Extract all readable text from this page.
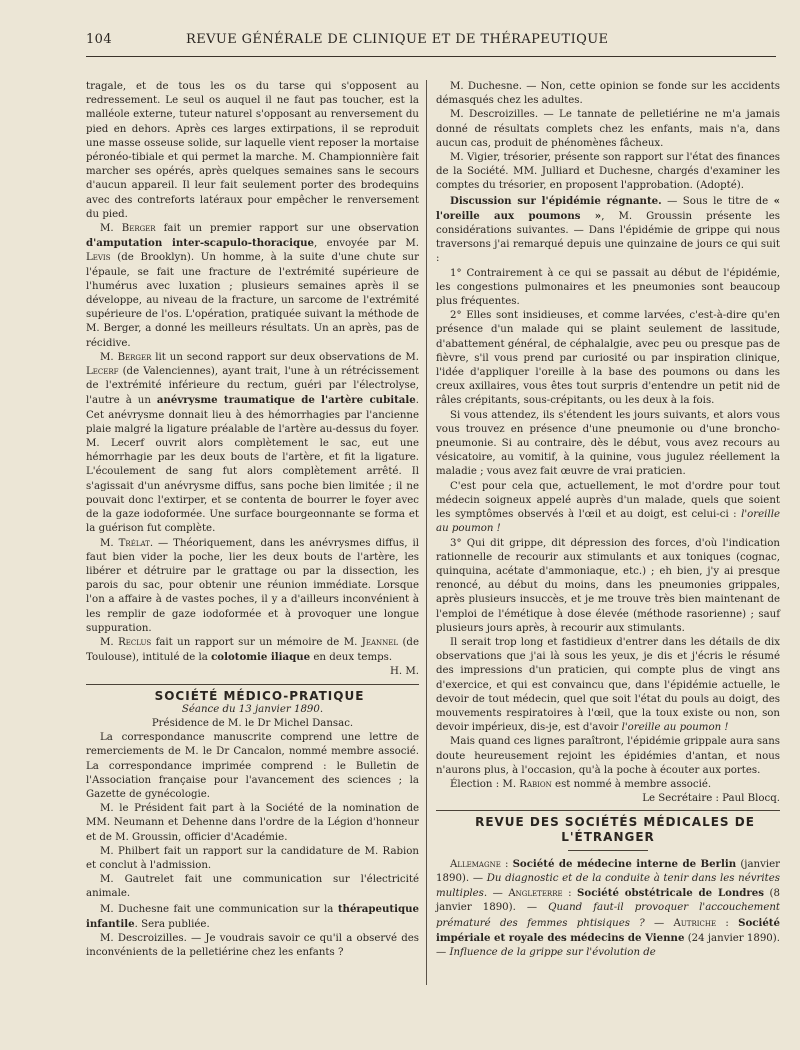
104	REVUE GÉNÉRALE DE CLINIQUE ET DE THÉRAPEUTIQUE

tragale, et de tous les os du tarse qui s'opposent au redressement. Le seul os auquel il ne faut pas toucher, est la malléole externe, tuteur naturel s'opposant au renversement du pied en dehors. Après ces larges extirpations, il se reproduit une masse osseuse solide, sur laquelle vient reposer la mortaise péronéo-tibiale et qui permet la marche. M. Championnière fait marcher ses opérés, après quelques semaines sans le secours d'aucun appareil. Il leur fait seulement porter des brodequins avec des contreforts latéraux pour empêcher le renversement du pied.

M. Berger fait un premier rapport sur une observation d'amputation inter-scapulo-thoracique, envoyée par M. Levis (de Brooklyn). Un homme, à la suite d'une chute sur l'épaule, se fait une fracture de l'extrémité supérieure de l'humérus avec luxation ; plusieurs semaines après il se développe, au niveau de la fracture, un sarcome de l'extrémité supérieure de l'os. L'opération, pratiquée suivant la méthode de M. Berger, a donné les meilleurs résultats. Un an après, pas de récidive.

M. Berger lit un second rapport sur deux observations de M. Lecerf (de Valenciennes), ayant trait, l'une à un rétrécissement de l'extrémité inférieure du rectum, guéri par l'électrolyse, l'autre à un anévrysme traumatique de l'artère cubitale. Cet anévrysme donnait lieu à des hémorrhagies par l'ancienne plaie malgré la ligature préalable de l'artère au-dessus du foyer. M. Lecerf ouvrit alors complètement le sac, eut une hémorrhagie par les deux bouts de l'artère, et fit la ligature. L'écoulement de sang fut alors complètement arrêté. Il s'agissait d'un anévrysme diffus, sans poche bien limitée ; il ne pouvait donc l'extirper, et se contenta de bourrer le foyer avec de la gaze iodoformée. Une surface bourgeonnante se forma et la guérison fut complète.

M. Trélat. — Théoriquement, dans les anévrysmes diffus, il faut bien vider la poche, lier les deux bouts de l'artère, les libérer et détruire par le grattage ou par la dissection, les parois du sac, pour obtenir une réunion immédiate. Lorsque l'on a affaire à de vastes poches, il y a d'ailleurs inconvénient à les remplir de gaze iodoformée et à provoquer une longue suppuration.

M. Reclus fait un rapport sur un mémoire de M. Jeannel (de Toulouse), intitulé de la colotomie iliaque en deux temps.

H. M.

SOCIÉTÉ MÉDICO-PRATIQUE

Séance du 13 janvier 1890.

Présidence de M. le Dr Michel Dansac.

La correspondance manuscrite comprend une lettre de remerciements de M. le Dr Cancalon, nommé membre associé. La correspondance imprimée comprend : le Bulletin de l'Association française pour l'avancement des sciences ; la Gazette de gynécologie.

M. le Président fait part à la Société de la nomination de MM. Neumann et Dehenne dans l'ordre de la Légion d'honneur et de M. Groussin, officier d'Académie.

M. Philbert fait un rapport sur la candidature de M. Rabion et conclut à l'admission.

M. Gautrelet fait une communication sur l'électricité animale.

M. Duchesne fait une communication sur la thérapeutique infantile. Sera publiée.

M. Descroizilles. — Je voudrais savoir ce qu'il a observé des inconvénients de la pelletiérine chez les enfants ?

M. Duchesne. — Non, cette opinion se fonde sur les accidents démasqués chez les adultes.

M. Descroizilles. — Le tannate de pelletiérine ne m'a jamais donné de résultats complets chez les enfants, mais n'a, dans aucun cas, produit de phénomènes fâcheux.

M. Vigier, trésorier, présente son rapport sur l'état des finances de la Société. MM. Julliard et Duchesne, chargés d'examiner les comptes du trésorier, en proposent l'approbation. (Adopté).

Discussion sur l'épidémie régnante. — Sous le titre de « l'oreille aux poumons », M. Groussin présente les considérations suivantes. — Dans l'épidémie de grippe qui nous traversons j'ai remarqué depuis une quinzaine de jours ce qui suit :

1° Contrairement à ce qui se passait au début de l'épidémie, les congestions pulmonaires et les pneumonies sont beaucoup plus fréquentes.

2° Elles sont insidieuses, et comme larvées, c'est-à-dire qu'en présence d'un malade qui se plaint seulement de lassitude, d'abattement général, de céphalalgie, avec peu ou presque pas de fièvre, s'il vous prend par curiosité ou par inspiration clinique, l'idée d'appliquer l'oreille à la base des poumons ou dans les creux axillaires, vous êtes tout surpris d'entendre un petit nid de râles crépitants, sous-crépitants, ou les deux à la fois.

Si vous attendez, ils s'étendent les jours suivants, et alors vous vous trouvez en présence d'une pneumonie ou d'une broncho-pneumonie. Si au contraire, dès le début, vous avez recours au vésicatoire, au vomitif, à la quinine, vous jugulez réellement la maladie ; vous avez fait œuvre de vrai praticien.

C'est pour cela que, actuellement, le mot d'ordre pour tout médecin soigneux appelé auprès d'un malade, quels que soient les symptômes observés à l'œil et au doigt, est celui-ci : l'oreille au poumon !

3° Qui dit grippe, dit dépression des forces, d'où l'indication rationnelle de recourir aux stimulants et aux toniques (cognac, quinquina, acétate d'ammoniaque, etc.) ; eh bien, j'y ai presque renoncé, au début du moins, dans les pneumonies grippales, après plusieurs insuccès, et je me trouve très bien maintenant de l'emploi de l'émétique à dose élevée (méthode rasorienne) ; sauf plusieurs jours après, à recourir aux stimulants.

Il serait trop long et fastidieux d'entrer dans les détails de dix observations que j'ai là sous les yeux, je dis et j'écris le résumé des impressions d'un praticien, qui compte plus de vingt ans d'exercice, et qui est convaincu que, dans l'épidémie actuelle, le devoir de tout médecin, quel que soit l'état du pouls au doigt, des mouvements respiratoires à l'œil, que la toux existe ou non, son devoir impérieux, dis-je, est d'avoir l'oreille au poumon !

Mais quand ces lignes paraîtront, l'épidémie grippale aura sans doute heureusement rejoint les épidémies d'antan, et nous n'aurons plus, à l'occasion, qu'à la poche à écouter aux portes.

Élection : M. Rabion est nommé à membre associé.

Le Secrétaire : Paul Blocq.

REVUE DES SOCIÉTÉS MÉDICALES DE L'ÉTRANGER

Allemagne : Société de médecine interne de Berlin (janvier 1890). — Du diagnostic et de la conduite à tenir dans les névrites multiples. — Angleterre : Société obstétricale de Londres (8 janvier 1890). — Quand faut-il provoquer l'accouchement prématuré des femmes phtisiques ? — Autriche : Société impériale et royale des médecins de Vienne (24 janvier 1890). — Influence de la grippe sur l'évolution de
